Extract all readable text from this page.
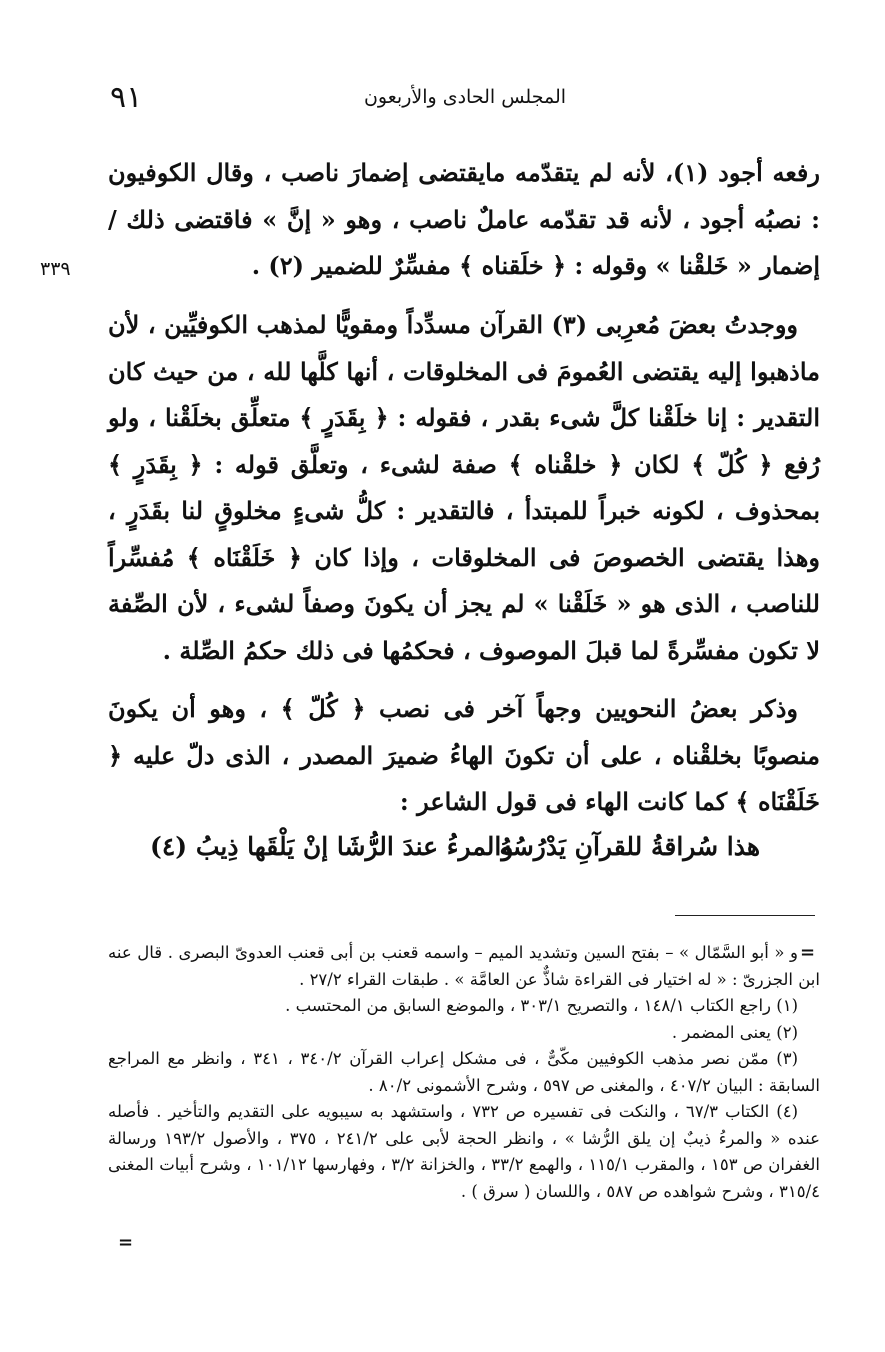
المجلس الحادى والأربعون
٩١
٣٣٩

رفعه أجود (١)، لأنه لم يتقدّمه مايقتضى إضمارَ ناصب ، وقال الكوفيون : نصبُه أجود ، لأنه قد تقدّمه عاملٌ ناصب ، وهو « إنَّ » فاقتضى ذلك / إضمار « خَلقْنا » وقوله : ﴿ خلَقناه ﴾ مفسِّرٌ للضمير (٢) .

ووجدتُ بعضَ مُعرِبى (٣) القرآن مسدِّداً ومقويًّا لمذهب الكوفيِّين ، لأن ماذهبوا إليه يقتضى العُمومَ فى المخلوقات ، أنها كلَّها لله ، من حيث كان التقدير : إنا خلَقْنا كلَّ شىء بقدر ، فقوله : ﴿ بِقَدَرٍ ﴾ متعلِّق بخلَقْنا ، ولو رُفع ﴿ كُلّ ﴾ لكان ﴿ خلقْناه ﴾ صفة لشىء ، وتعلَّق قوله : ﴿ بِقَدَرٍ ﴾ بمحذوف ، لكونه خبراً للمبتدأ ، فالتقدير : كلُّ شىءٍ مخلوقٍ لنا بقَدَرٍ ، وهذا يقتضى الخصوصَ فى المخلوقات ، وإذا كان ﴿ خَلَقْنَاه ﴾ مُفسِّراً للناصب ، الذى هو « خَلَقْنا » لم يجز أن يكونَ وصفاً لشىء ، لأن الصِّفة لا تكون مفسِّرةً لما قبلَ الموصوف ، فحكمُها فى ذلك حكمُ الصِّلة .

وذكر بعضُ النحويين وجهاً آخر فى نصب ﴿ كُلّ ﴾ ، وهو أن يكونَ منصوبًا بخلقْناه ، على أن تكونَ الهاءُ ضميرَ المصدر ، الذى دلّ عليه ﴿ خَلَقْنَاه ﴾ كما كانت الهاء فى قول الشاعر :

هذا سُراقةُ للقرآنِ يَدْرُسُهُ
والمرءُ عندَ الرُّشَا إنْ يَلْقَها ذِيبُ (٤)
=

و « أبو السَّمّال » – بفتح السين وتشديد الميم – واسمه قعنب بن أبى قعنب العدوىّ البصرى . قال عنه ابن الجزرىّ : « له اختيار فى القراءة شاذٌّ عن العامَّة » . طبقات القراء ٢٧/٢ .

(١) راجع الكتاب ١٤٨/١ ، والتصريح ٣٠٣/١ ، والموضع السابق من المحتسب .

(٢) يعنى المضمر .

(٣) ممّن نصر مذهب الكوفيين مكّىٌّ ، فى مشكل إعراب القرآن ٣٤٠/٢ ، ٣٤١ ، وانظر مع المراجع السابقة : البيان ٤٠٧/٢ ، والمغنى ص ٥٩٧ ، وشرح الأشمونى ٨٠/٢ .

(٤) الكتاب ٦٧/٣ ، والنكت فى تفسيره ص ٧٣٢ ، واستشهد به سيبويه على التقديم والتأخير . فأصله عنده « والمرءُ ذيبٌ إن يلق الرُّشا » ، وانظر الحجة لأبى على ٢٤١/٢ ، ٣٧٥ ، والأصول ١٩٣/٢ ورسالة الغفران ص ١٥٣ ، والمقرب ١١٥/١ ، والهمع ٣٣/٢ ، والخزانة ٣/٢ ، وفهارسها ١٠١/١٢ ، وشرح أبيات المغنى ٣١٥/٤ ، وشرح شواهده ص ٥٨٧ ، واللسان ( سرق ) .

=
